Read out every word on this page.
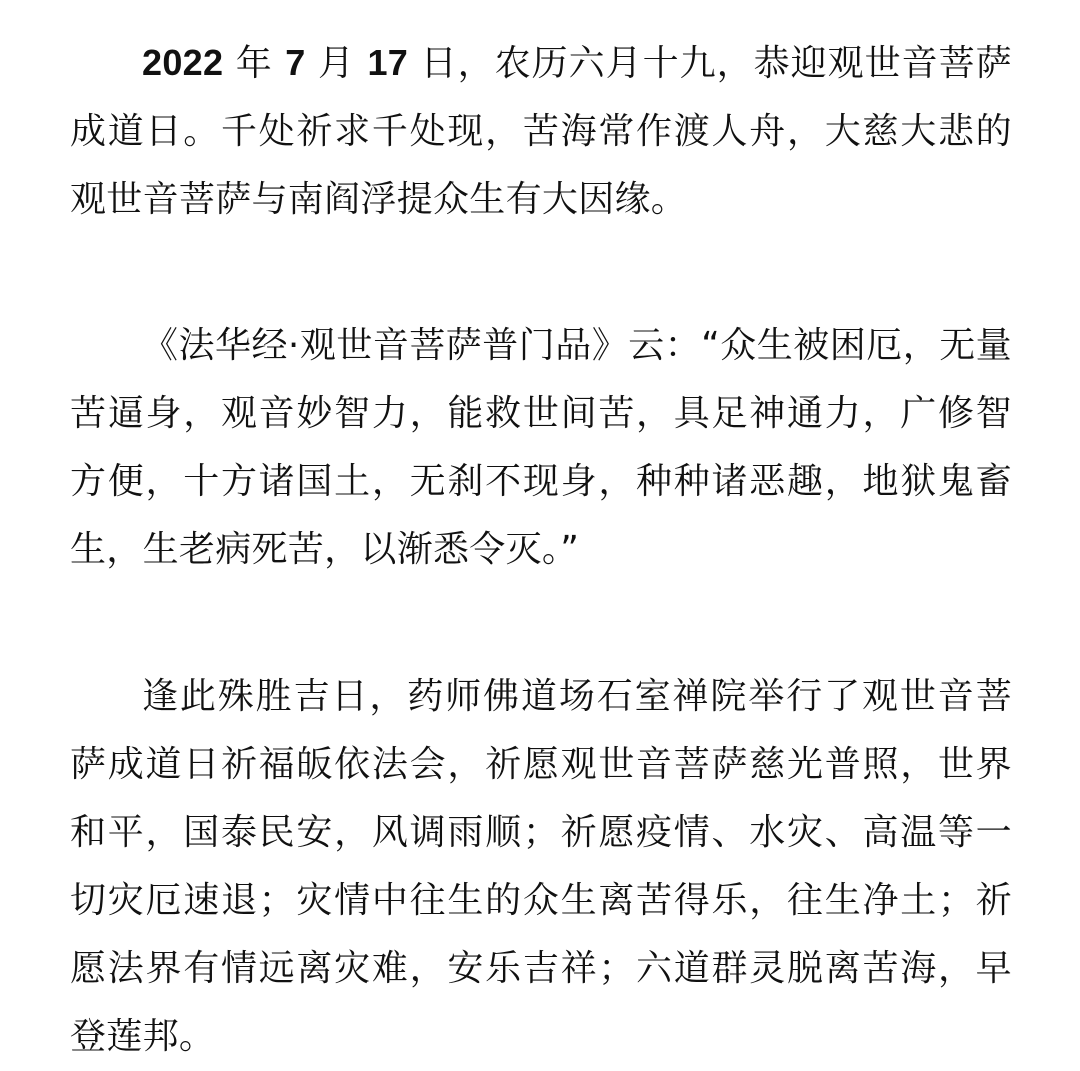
2022 年 7 月 17 日，农历六月十九，恭迎观世音菩萨成道日。千处祈求千处现，苦海常作渡人舟，大慈大悲的观世音菩萨与南阎浮提众生有大因缘。

《法华经·观世音菩萨普门品》云：“众生被困厄，无量苦逼身，观音妙智力，能救世间苦，具足神通力，广修智方便，十方诸国土，无刹不现身，种种诸恶趣，地狱鬼畜生，生老病死苦，以渐悉令灭。”

逢此殊胜吉日，药师佛道场石室禅院举行了观世音菩萨成道日祈福皈依法会，祈愿观世音菩萨慈光普照，世界和平，国泰民安，风调雨顺；祈愿疫情、水灾、高温等一切灾厄速退；灾情中往生的众生离苦得乐，往生净土；祈愿法界有情远离灾难，安乐吉祥；六道群灵脱离苦海，早登莲邦。
